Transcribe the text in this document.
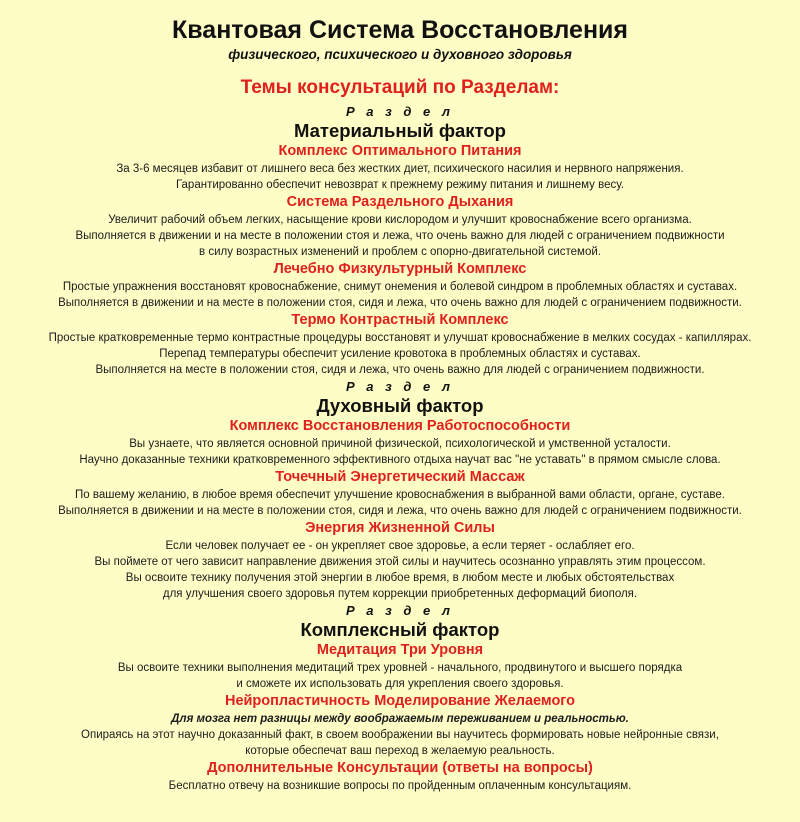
Квантовая Система Восстановления
физического, психического и духовного здоровья
Темы консультаций по Разделам:
Р а з д е л
Материальный фактор
Комплекс Оптимального Питания
За 3-6 месяцев избавит от лишнего веса без жестких диет, психического насилия и нервного напряжения.
Гарантированно обеспечит невозврат к прежнему режиму питания и лишнему весу.
Система Раздельного Дыхания
Увеличит рабочий объем легких, насыщение крови кислородом и улучшит кровоснабжение всего организма.
Выполняется в движении и на месте в положении стоя и лежа, что очень важно для людей с ограничением подвижности
в силу возрастных изменений и проблем с опорно-двигательной системой.
Лечебно Физкультурный Комплекс
Простые упражнения восстановят кровоснабжение, снимут онемения и болевой синдром в проблемных областях и суставах.
Выполняется в движении и на месте в положении стоя, сидя и лежа, что очень важно для людей с ограничением подвижности.
Термо Контрастный Комплекс
Простые кратковременные термо контрастные процедуры восстановят и улучшат кровоснабжение в мелких сосудах - капиллярах.
Перепад температуры обеспечит усиление кровотока в проблемных областях и суставах.
Выполняется на месте в положении стоя, сидя и лежа, что очень важно для людей с ограничением подвижности.
Р а з д е л
Духовный фактор
Комплекс Восстановления Работоспособности
Вы узнаете, что является основной причиной физической, психологической и умственной усталости.
Научно доказанные техники кратковременного эффективного отдыха научат вас "не уставать" в прямом смысле слова.
Точечный Энергетический Массаж
По вашему желанию, в любое время обеспечит улучшение кровоснабжения в выбранной вами области, органе, суставе.
Выполняется в движении и на месте в положении стоя, сидя и лежа, что очень важно для людей с ограничением подвижности.
Энергия Жизненной Силы
Если человек получает ее - он укрепляет свое здоровье, а если теряет - ослабляет его.
Вы поймете от чего зависит направление движения этой силы и научитесь осознанно управлять этим процессом.
Вы освоите технику получения этой энергии в любое время, в любом месте и любых обстоятельствах
для улучшения своего здоровья путем коррекции приобретенных деформаций биополя.
Р а з д е л
Комплексный фактор
Медитация Три Уровня
Вы освоите техники выполнения медитаций трех уровней - начального, продвинутого и высшего порядка
и сможете их использовать для укрепления своего здоровья.
Нейропластичность Моделирование Желаемого
Для мозга нет разницы между воображаемым переживанием и реальностью.
Опираясь на этот научно доказанный факт, в своем воображении вы научитесь формировать новые нейронные связи,
которые обеспечат ваш переход в желаемую реальность.
Дополнительные Консультации (ответы на вопросы)
Бесплатно отвечу на возникшие вопросы по пройденным оплаченным консультациям.
